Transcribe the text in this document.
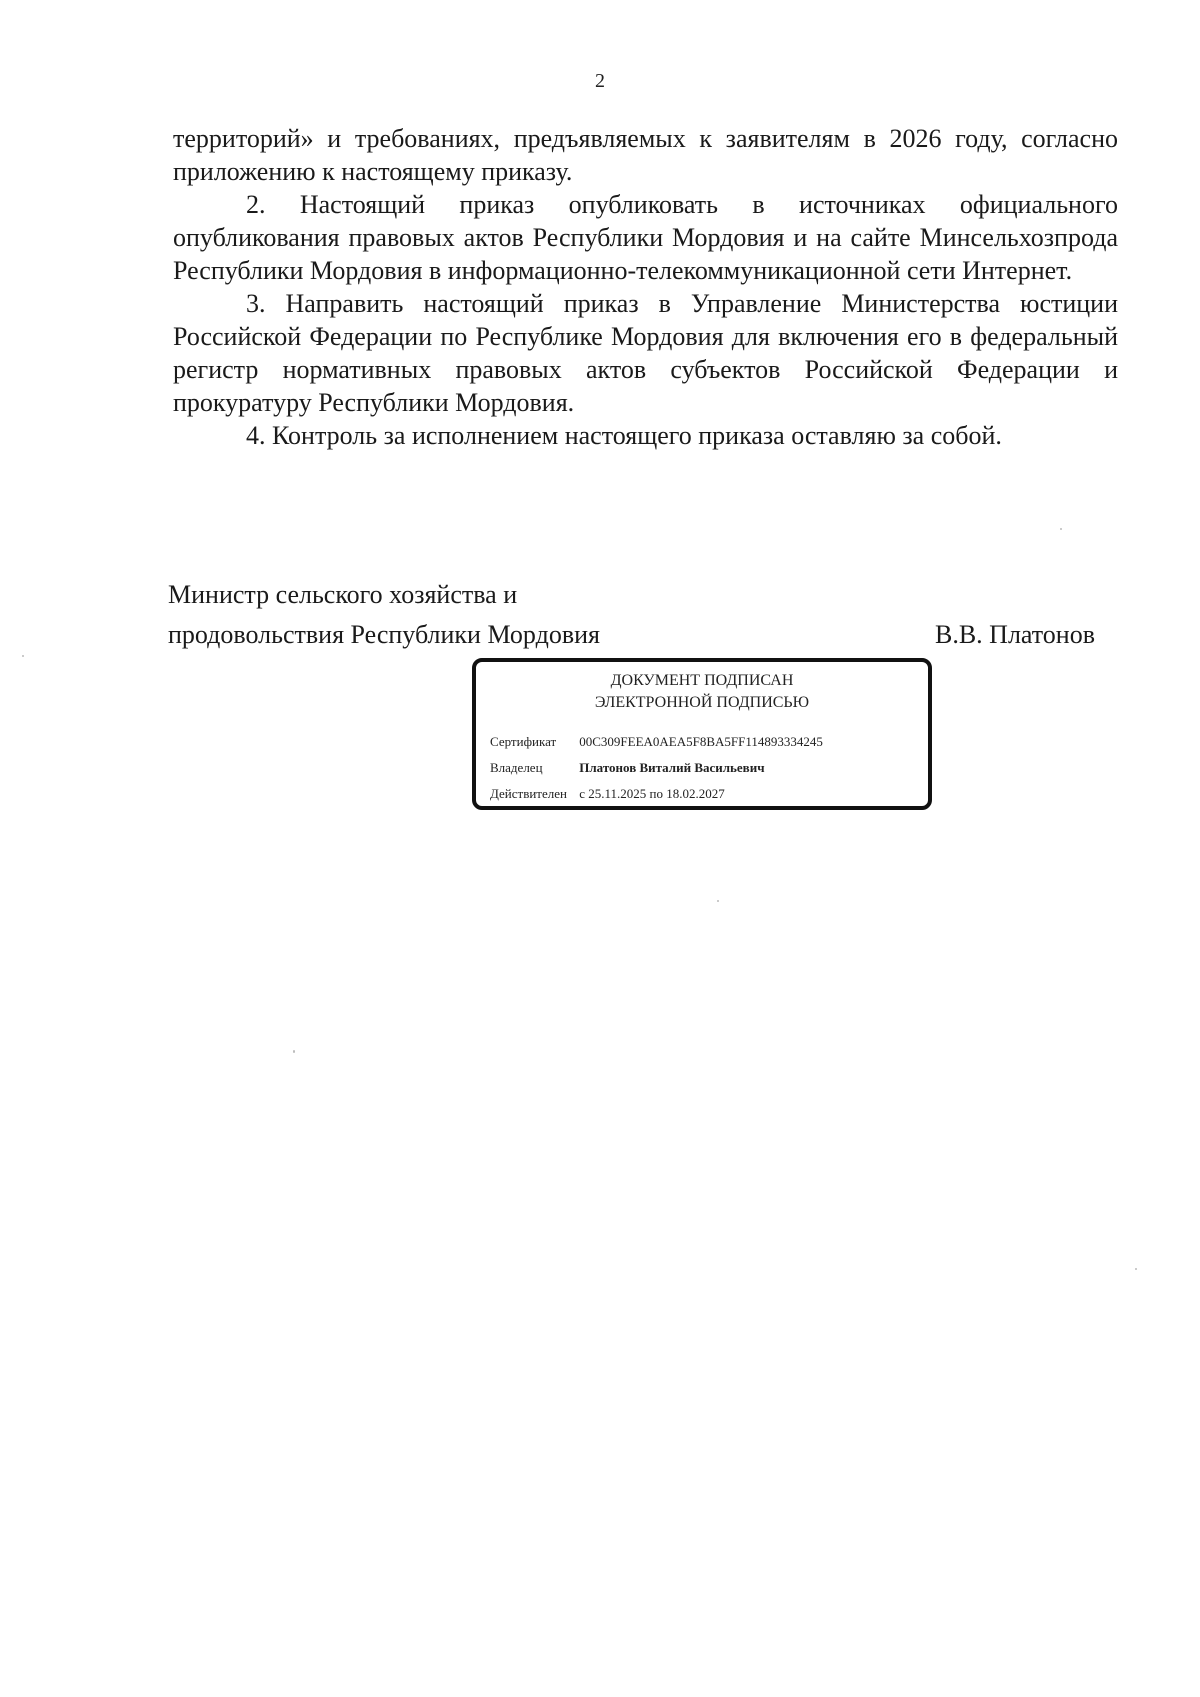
2

территорий» и требованиях, предъявляемых к заявителям в 2026 году, согласно приложению к настоящему приказу.

2. Настоящий приказ опубликовать в источниках официального опубликования правовых актов Республики Мордовия и на сайте Минсельхозпрода Республики Мордовия в информационно-телекоммуникационной сети Интернет.

3. Направить настоящий приказ в Управление Министерства юстиции Российской Федерации по Республике Мордовия для включения его в федеральный регистр нормативных правовых актов субъектов Российской Федерации и прокуратуру Республики Мордовия.

4. Контроль за исполнением настоящего приказа оставляю за собой.

Министр сельского хозяйства и
продовольствия Республики Мордовия	В.В. Платонов
ДОКУМЕНТ ПОДПИСАН
ЭЛЕКТРОННОЙ ПОДПИСЬЮ
Сертификат 00C309FEEA0AEA5F8BA5FF114893334245
Владелец	Платонов Виталий Васильевич
Действителен с 25.11.2025 по 18.02.2027
